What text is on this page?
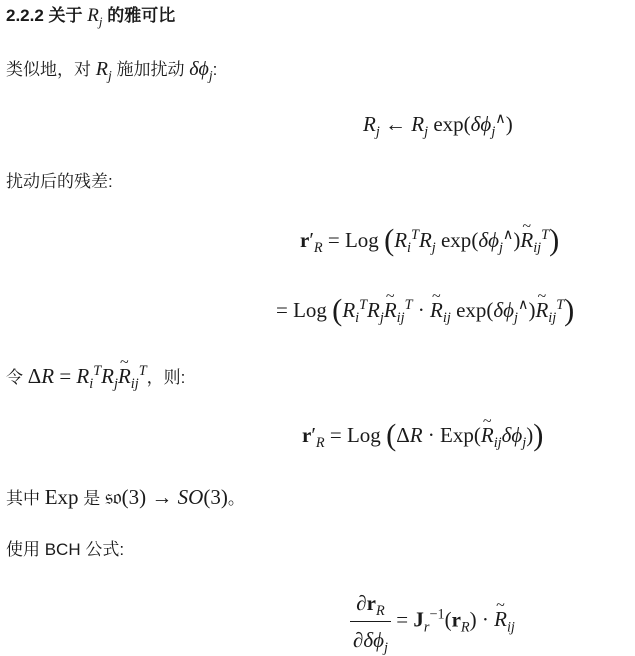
2.2.2 关于 $R_j$ 的雅可比
类似地，对 $R_j$ 施加扰动 $\delta\phi_j$:
$R_j$ ← $R_j$ $\exp(\delta\phi_j^\wedge)$
扰动后的残差:
$r'_R$ = Log ($R_i^TR_j$ $\exp(\delta\phi_j^\wedge)\sim$ $R_{ij}^T$)
= Log ($R_i^TR_j\sim$ $R_{ij}^T$ · ~ $R_{ij}$ $\exp(\delta\phi_j^\wedge)\sim$ $R_{ij}^T$)
令 $\Delta R = R_i^TR_j\sim$ $R_{ij}^T$，则:
$r'_R$ = Log (ΔR · Exp(~ $R_{ij}\delta\phi_j$))
其中 Exp 是 𝔰𝔬(3) → SO(3)。
使用 BCH 公式:
$\frac{\partial r_R}{\partial\delta\phi_j} = J_r^{-1}(r_R)$ · ~ $R_{ij}$
